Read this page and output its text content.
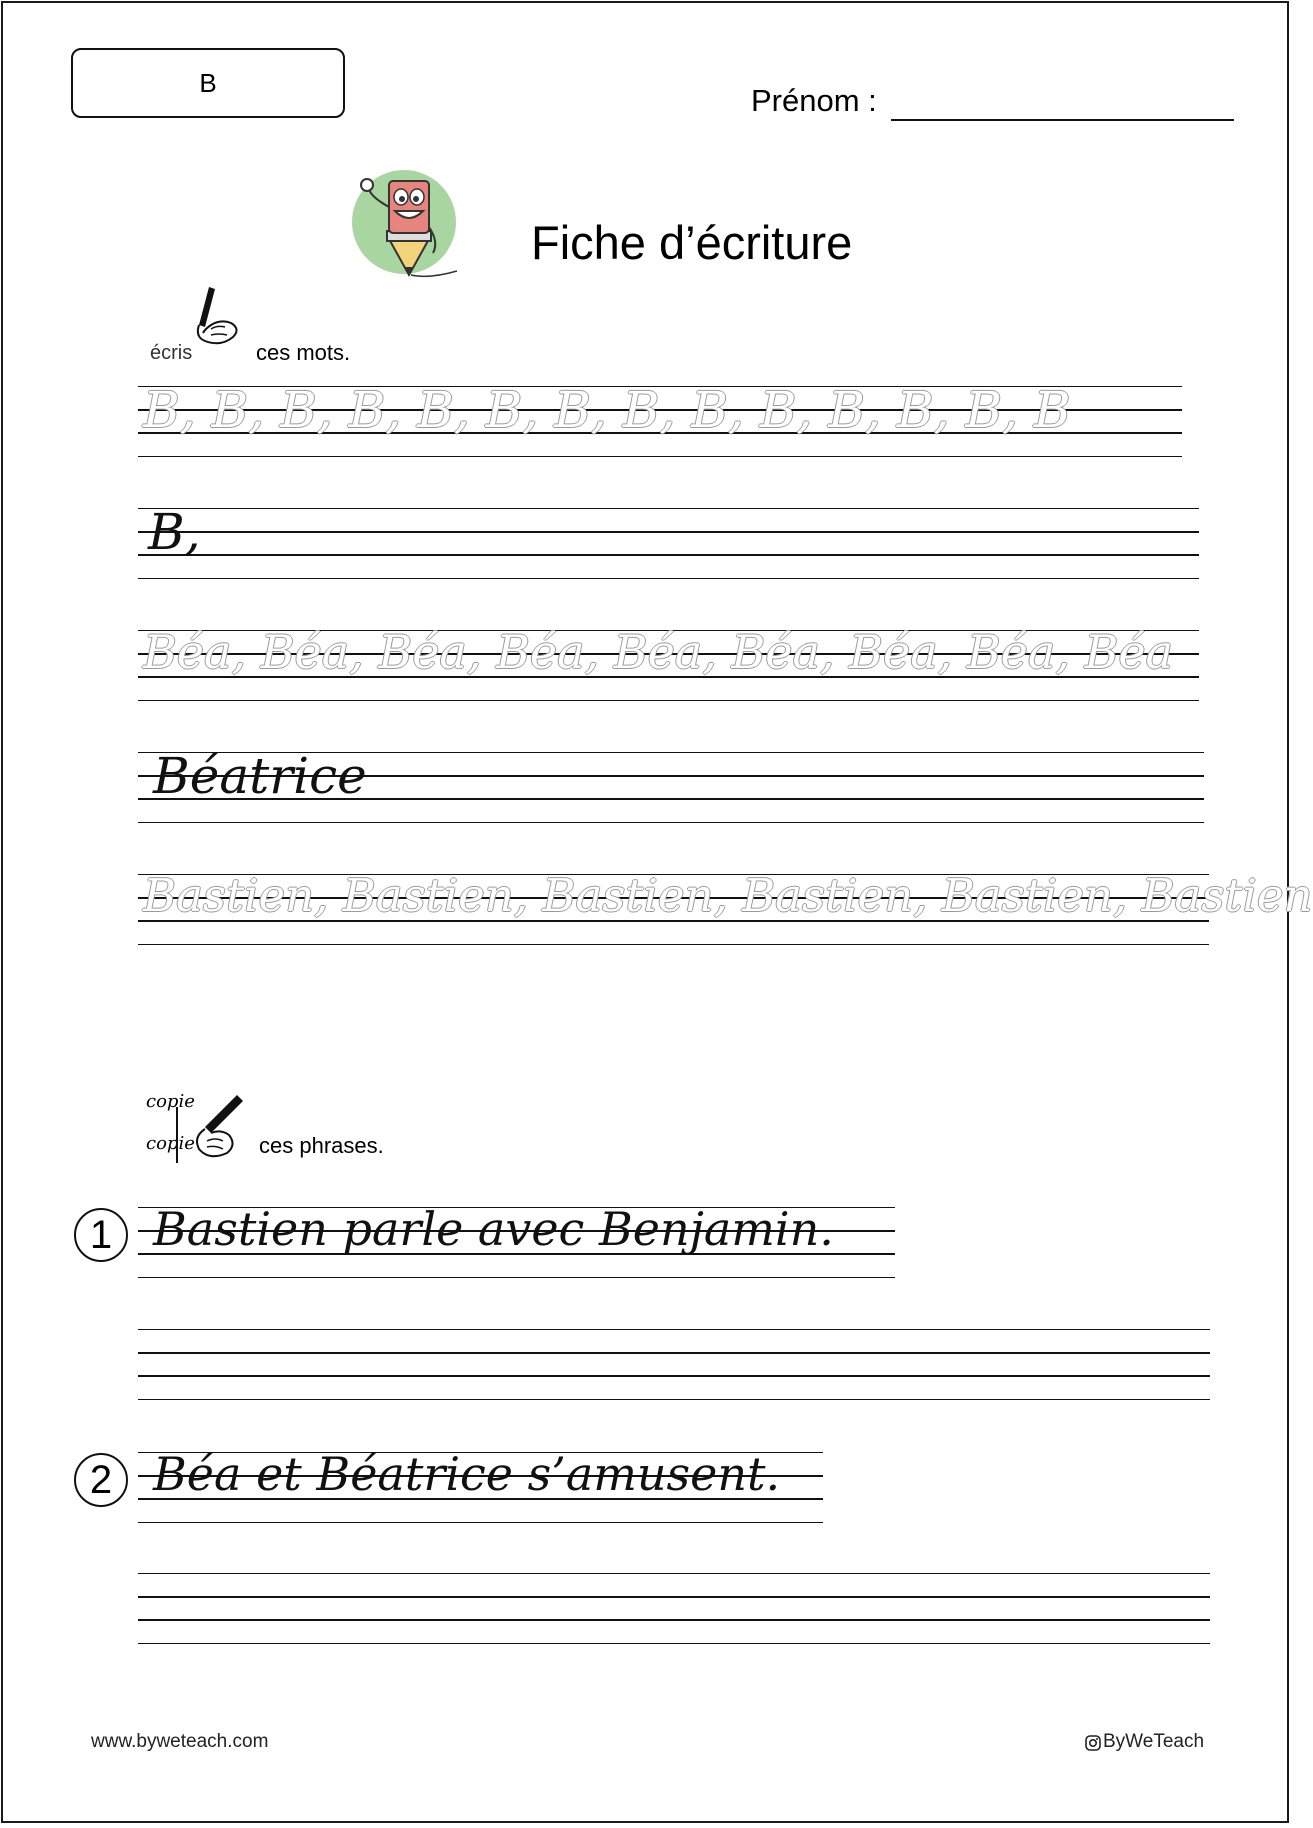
B
Prénom :
Fiche d’écriture
écris	ces mots.
B, B, B, B, B, B, B, B, B, B, B, B, B, B
B,
Béa, Béa, Béa, Béa, Béa, Béa, Béa, Béa, Béa
Béatrice
Bastien, Bastien, Bastien, Bastien, Bastien, Bastien
copie
copie	ces phrases.
1 Bastien parle avec Benjamin.
2 Béa et Béatrice s’amusent.
www.byweteach.com	ByWeTeach
